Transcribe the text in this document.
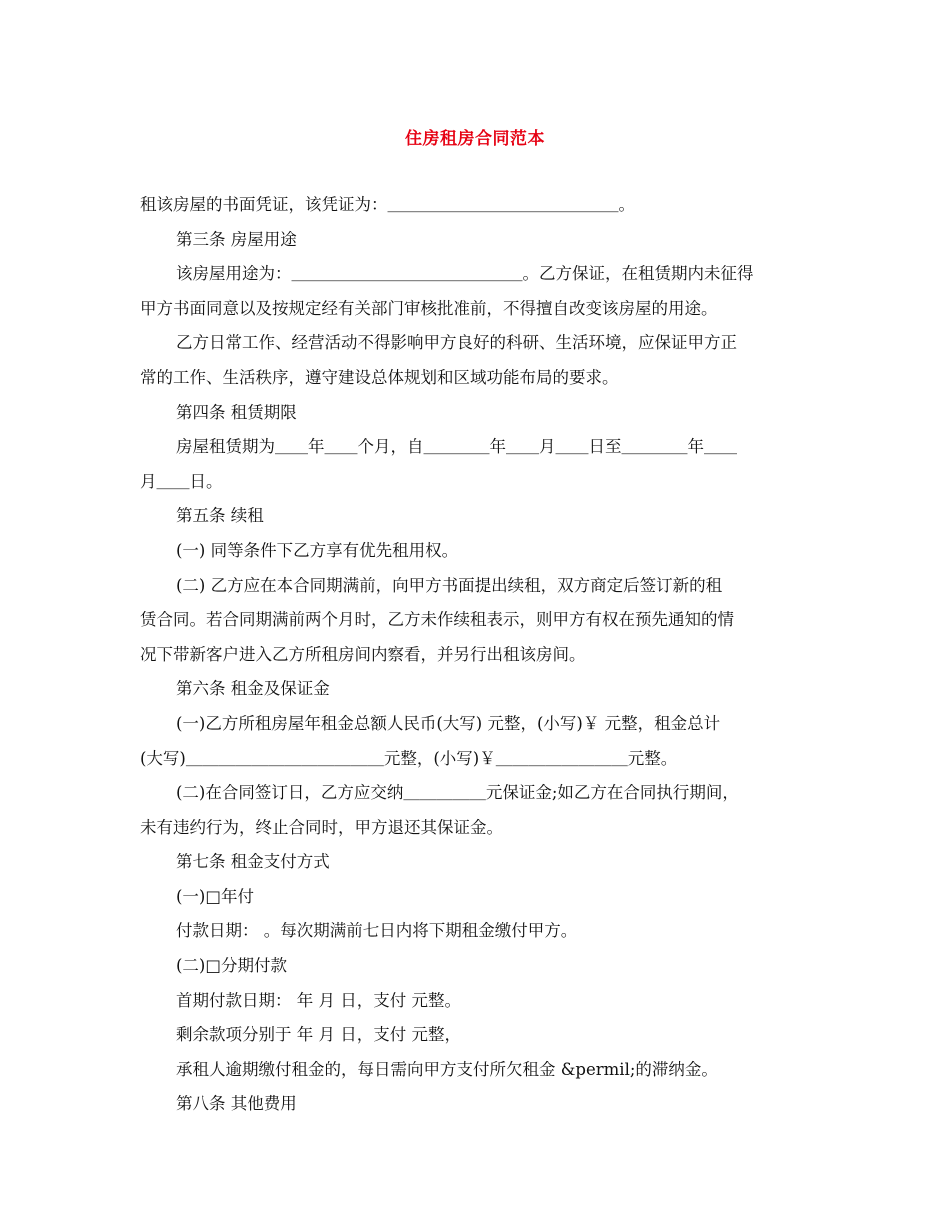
住房租房合同范本
租该房屋的书面凭证，该凭证为：＿＿＿＿＿＿＿＿＿＿＿＿＿＿。
第三条 房屋用途
该房屋用途为：＿＿＿＿＿＿＿＿＿＿＿＿＿＿。乙方保证，在租赁期内未征得
甲方书面同意以及按规定经有关部门审核批准前，不得擅自改变该房屋的用途。
乙方日常工作、经营活动不得影响甲方良好的科研、生活环境，应保证甲方正
常的工作、生活秩序，遵守建设总体规划和区域功能布局的要求。
第四条 租赁期限
房屋租赁期为＿＿年＿＿个月，自＿＿＿＿年＿＿月＿＿日至＿＿＿＿年＿＿
月＿＿日。
第五条 续租
(一) 同等条件下乙方享有优先租用权。
(二) 乙方应在本合同期满前，向甲方书面提出续租，双方商定后签订新的租
赁合同。若合同期满前两个月时，乙方未作续租表示，则甲方有权在预先通知的情
况下带新客户进入乙方所租房间内察看，并另行出租该房间。
第六条 租金及保证金
(一)乙方所租房屋年租金总额人民币(大写) 元整，(小写)￥ 元整，租金总计
(大写)＿＿＿＿＿＿＿＿＿＿＿＿元整，(小写)￥＿＿＿＿＿＿＿＿元整。
(二)在合同签订日，乙方应交纳＿＿＿＿＿元保证金;如乙方在合同执行期间，
未有违约行为，终止合同时，甲方退还其保证金。
第七条 租金支付方式
(一)□年付
付款日期： 。每次期满前七日内将下期租金缴付甲方。
(二)□分期付款
首期付款日期： 年 月 日，支付 元整。
剩余款项分别于 年 月 日，支付 元整，
承租人逾期缴付租金的，每日需向甲方支付所欠租金 &permil;的滞纳金。
第八条 其他费用
